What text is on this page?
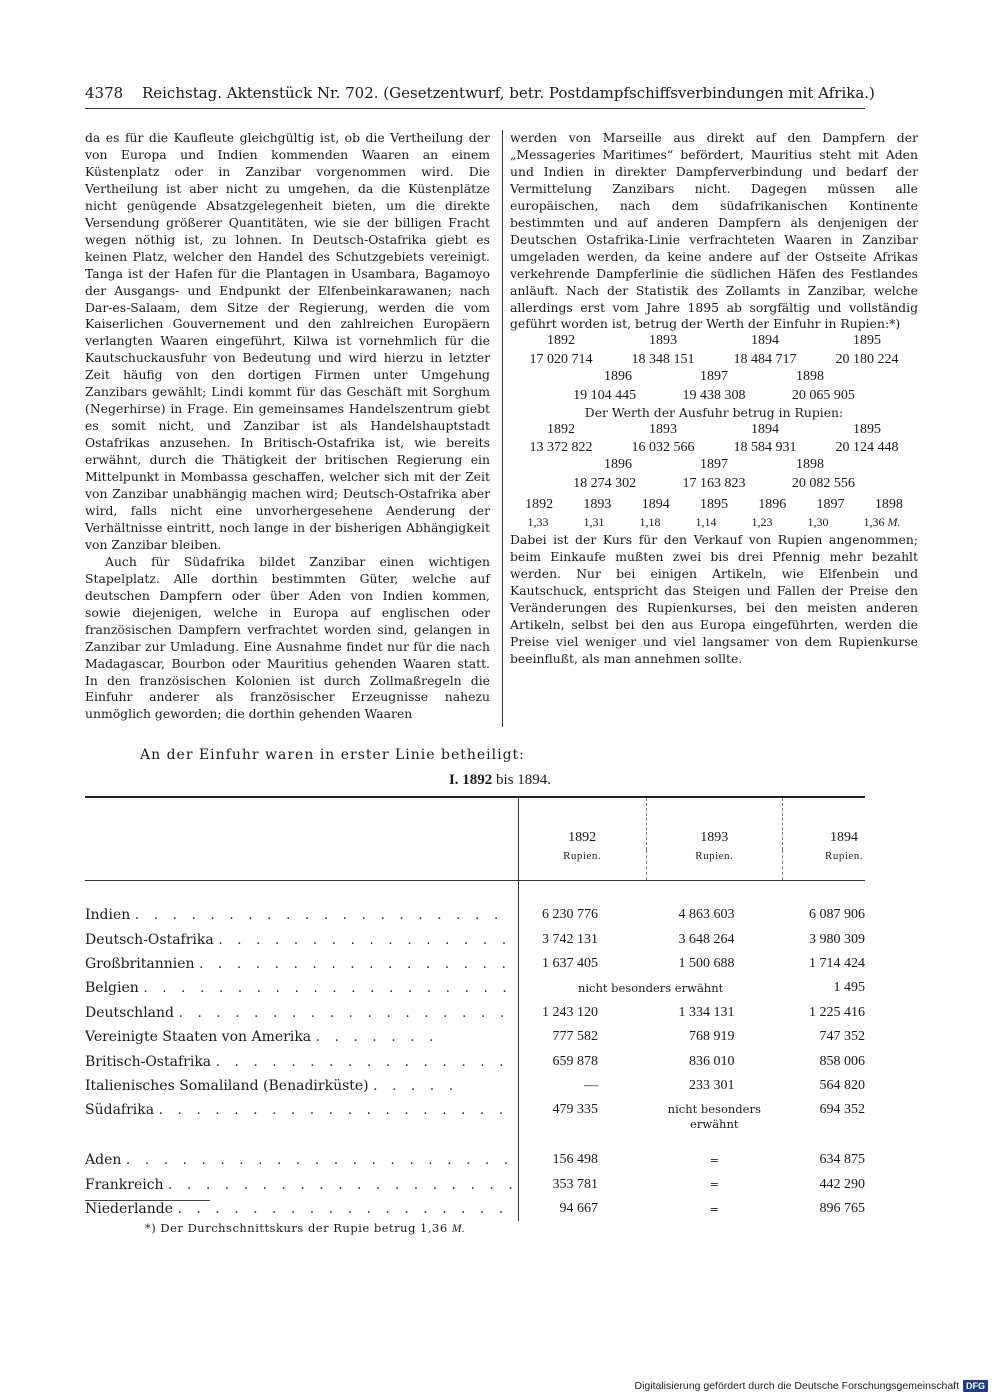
4378 Reichstag. Aktenstück Nr. 702. (Gesetzentwurf, betr. Postdampfschiffsverbindungen mit Afrika.)

da es für die Kaufleute gleichgültig ist, ob die Vertheilung der von Europa und Indien kommenden Waaren an einem Küstenplatz oder in Zanzibar vorgenommen wird. Die Vertheilung ist aber nicht zu umgehen, da die Küstenplätze nicht genügende Absatzgelegenheit bieten, um die direkte Versendung größerer Quantitäten, wie sie der billigen Fracht wegen nöthig ist, zu lohnen. In Deutsch-Ostafrika giebt es keinen Platz, welcher den Handel des Schutzgebiets vereinigt. Tanga ist der Hafen für die Plantagen in Usambara, Bagamoyo der Ausgangs- und Endpunkt der Elfenbeinkarawanen; nach Dar-es-Salaam, dem Sitze der Regierung, werden die vom Kaiserlichen Gouvernement und den zahlreichen Europäern verlangten Waaren eingeführt, Kilwa ist vornehmlich für die Kautschuckausfuhr von Bedeutung und wird hierzu in letzter Zeit häufig von den dortigen Firmen unter Umgehung Zanzibars gewählt; Lindi kommt für das Geschäft mit Sorghum (Negerhirse) in Frage. Ein gemeinsames Handelszentrum giebt es somit nicht, und Zanzibar ist als Handelshauptstadt Ostafrikas anzusehen. In Britisch-Ostafrika ist, wie bereits erwähnt, durch die Thätigkeit der britischen Regierung ein Mittelpunkt in Mombassa geschaffen, welcher sich mit der Zeit von Zanzibar unabhängig machen wird; Deutsch-Ostafrika aber wird, falls nicht eine unvorhergesehene Aenderung der Verhältnisse eintritt, noch lange in der bisherigen Abhängigkeit von Zanzibar bleiben.

Auch für Südafrika bildet Zanzibar einen wichtigen Stapelplatz. Alle dorthin bestimmten Güter, welche auf deutschen Dampfern oder über Aden von Indien kommen, sowie diejenigen, welche in Europa auf englischen oder französischen Dampfern verfrachtet worden sind, gelangen in Zanzibar zur Umladung. Eine Ausnahme findet nur für die nach Madagascar, Bourbon oder Mauritius gehenden Waaren statt. In den französischen Kolonien ist durch Zollmaßregeln die Einfuhr anderer als französischer Erzeugnisse nahezu unmöglich geworden; die dorthin gehenden Waaren

werden von Marseille aus direkt auf den Dampfern der „Messageries Maritimes“ befördert, Mauritius steht mit Aden und Indien in direkter Dampferverbindung und bedarf der Vermittelung Zanzibars nicht. Dagegen müssen alle europäischen, nach dem südafrikanischen Kontinente bestimmten und auf anderen Dampfern als denjenigen der Deutschen Ostafrika-Linie verfrachteten Waaren in Zanzibar umgeladen werden, da keine andere auf der Ostseite Afrikas verkehrende Dampferlinie die südlichen Häfen des Festlandes anläuft. Nach der Statistik des Zollamts in Zanzibar, welche allerdings erst vom Jahre 1895 ab sorgfältig und vollständig geführt worden ist, betrug der Werth der Einfuhr in Rupien:*)

1892	1893	1894	1895
17 020 714	18 348 151	18 484 717	20 180 224
1896	1897	1898
19 104 445	19 438 308	20 065 905

Der Werth der Ausfuhr betrug in Rupien:

1892	1893	1894	1895
13 372 822	16 032 566	18 584 931	20 124 448
1896	1897	1898
18 274 302	17 163 823	20 082 556
1892 1893 1894 1895 1896 1897 1898
1,33	1,31	1,18	1,14	1,23	1,30	1,36 M.

Dabei ist der Kurs für den Verkauf von Rupien angenommen; beim Einkaufe mußten zwei bis drei Pfennig mehr bezahlt werden. Nur bei einigen Artikeln, wie Elfenbein und Kautschuck, entspricht das Steigen und Fallen der Preise den Veränderungen des Rupienkurses, bei den meisten anderen Artikeln, selbst bei den aus Europa eingeführten, werden die Preise viel weniger und viel langsamer von dem Rupienkurse beeinflußt, als man annehmen sollte.

An der Einfuhr waren in erster Linie betheiligt:
I. 1892 bis 1894.
	1892	1893	1894
	Rupien.	Rupien.	Rupien.

Indien . . . . . . . . . . . . . . . . . . . .	6 230 776	4 863 603	6 087 906
Deutsch-Ostafrika . . . . . . . . . . . . . . . .	3 742 131	3 648 264	3 980 309
Großbritannien . . . . . . . . . . . . . . . . .	1 637 405	1 500 688	1 714 424
Belgien . . . . . . . . . . . . . . . . . . . .	nicht besonders erwähnt		1 495
Deutschland . . . . . . . . . . . . . . . . . .	1 243 120	1 334 131	1 225 416
Vereinigte Staaten von Amerika . . . . . . .	777 582	768 919	747 352
Britisch-Ostafrika . . . . . . . . . . . . . . . .	659 878	836 010	858 006
Italienisches Somaliland (Benadirküste) . . . . .	—	233 301	564 820
Südafrika . . . . . . . . . . . . . . . . . . .	479 335	nicht besonders erwähnt	694 352
Aden . . . . . . . . . . . . . . . . . . . . .	156 498	=	634 875
Frankreich . . . . . . . . . . . . . . . . . . .	353 781	=	442 290
Niederlande . . . . . . . . . . . . . . . . . .	94 667	=	896 765
*) Der Durchschnittskurs der Rupie betrug 1,36 M.
Digitalisierung gefördert durch die Deutsche Forschungsgemeinschaft DFG
